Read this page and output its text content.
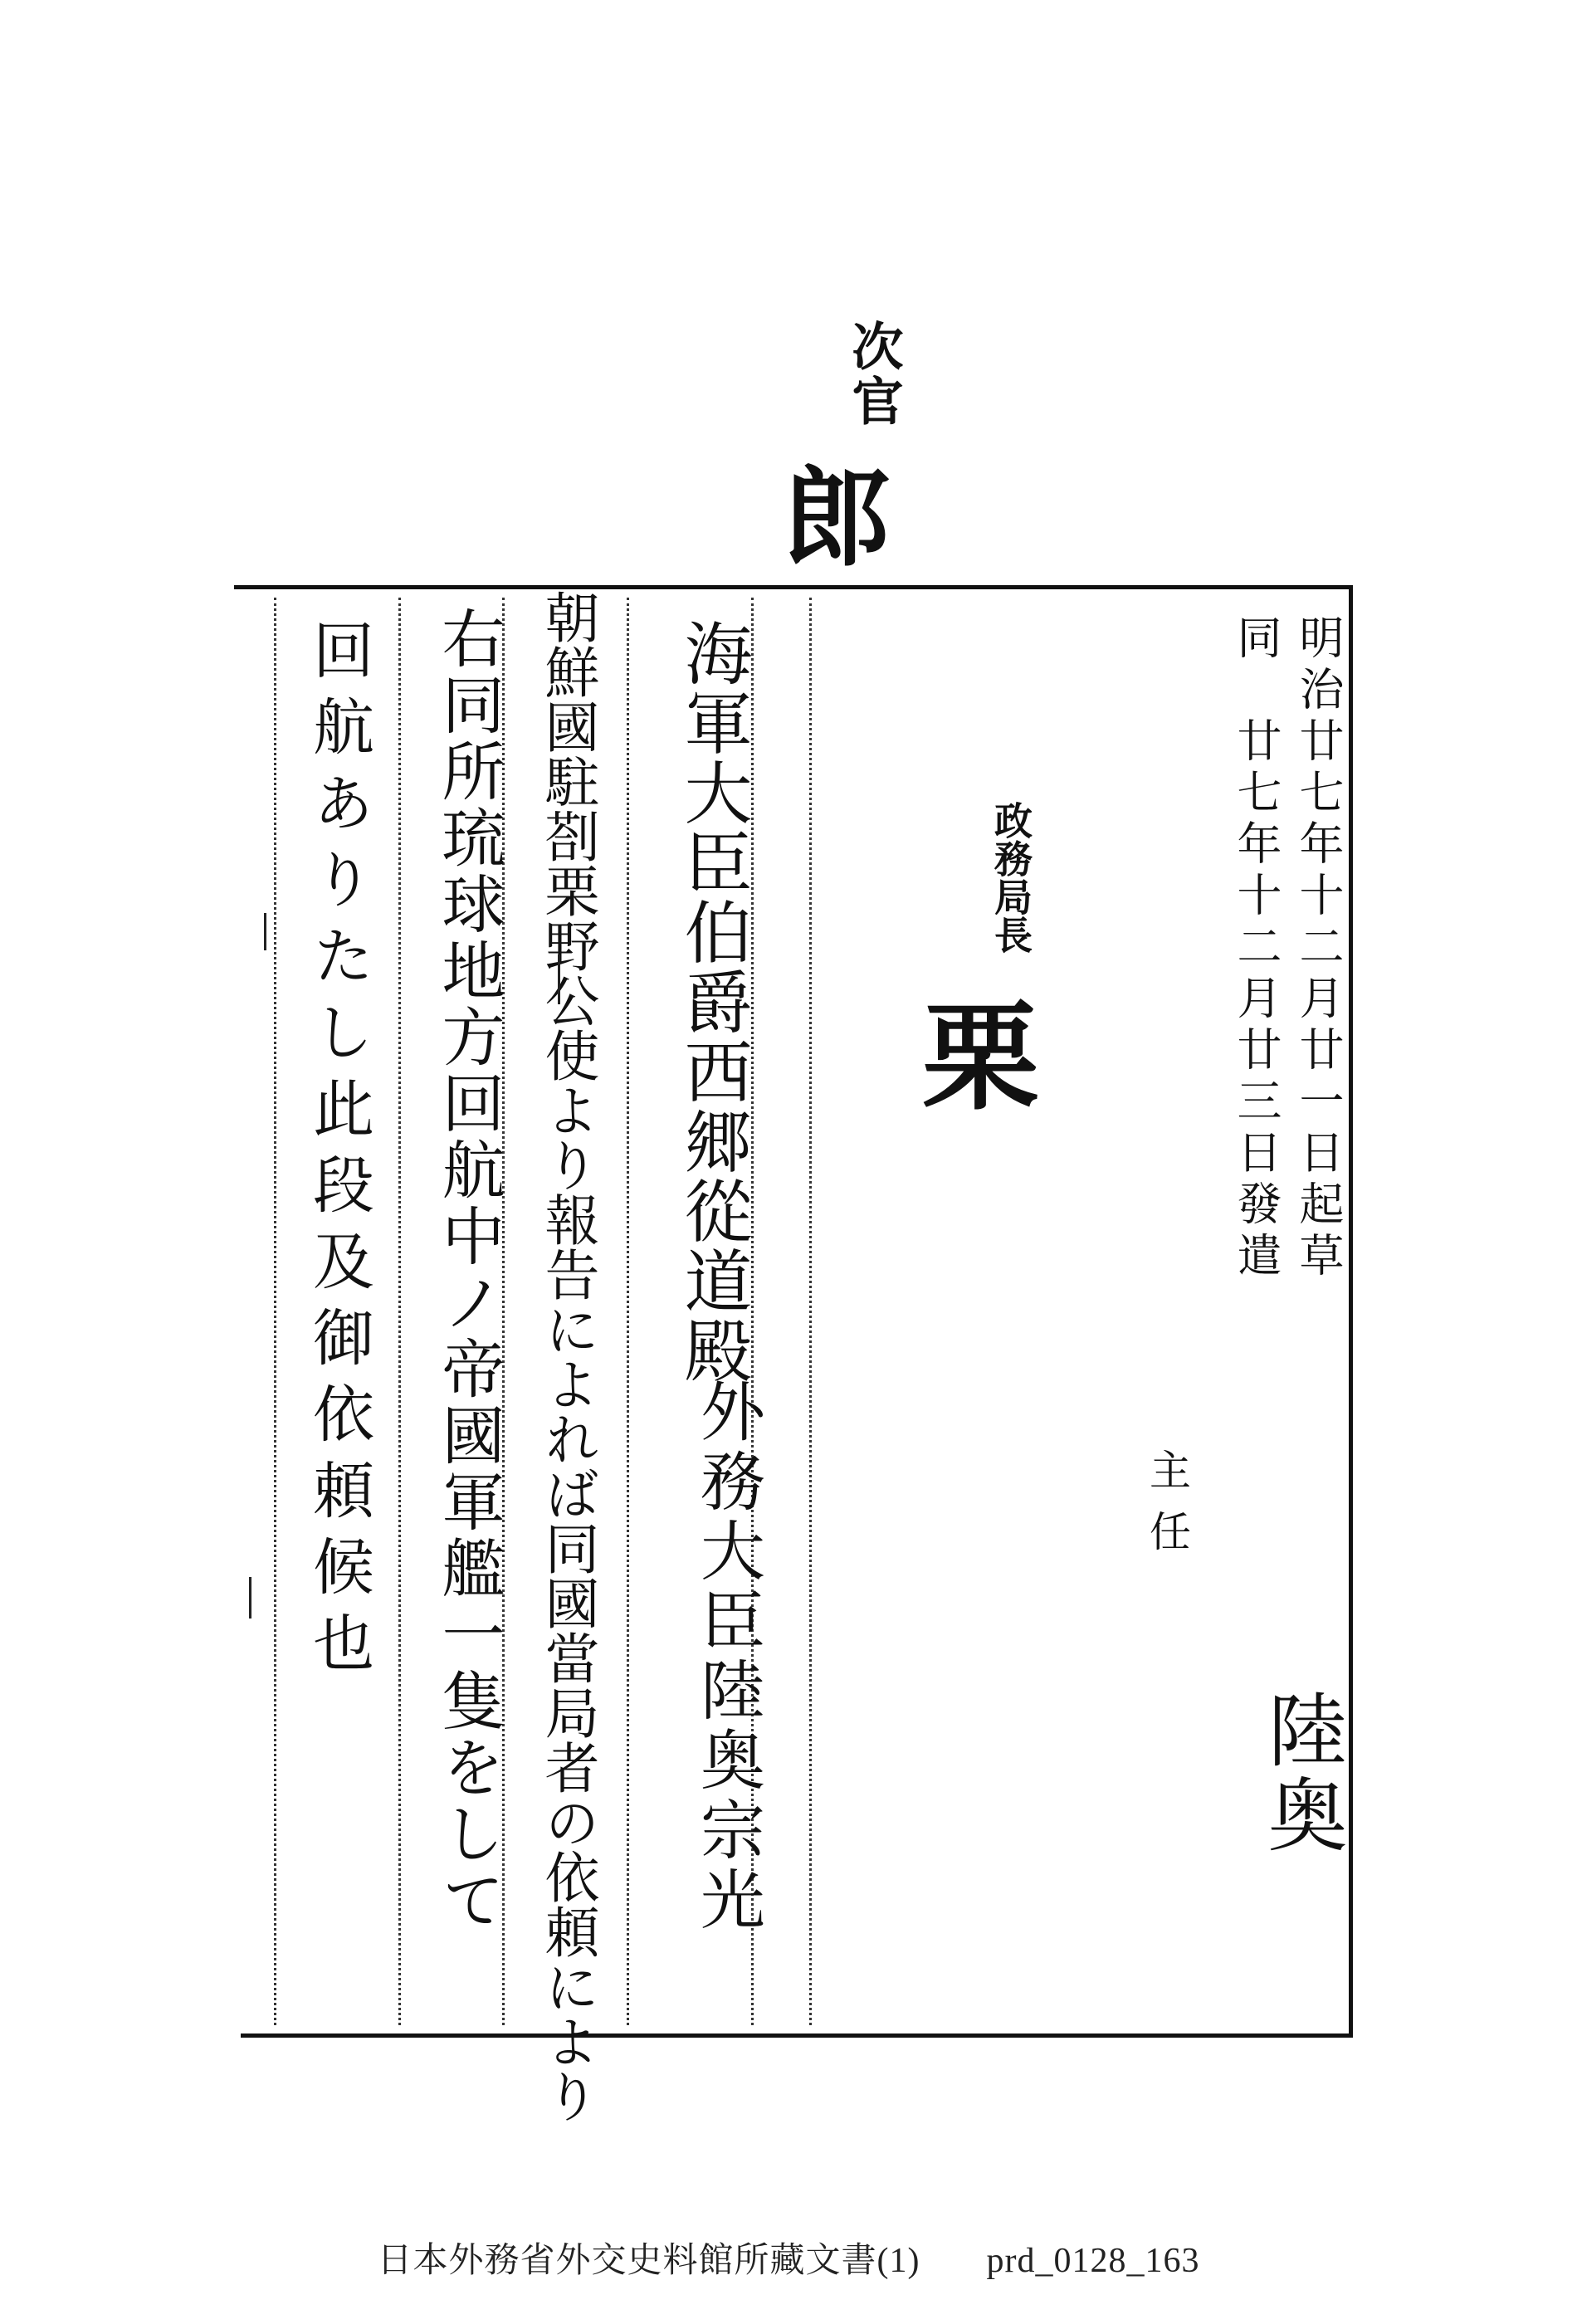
次官
郎
明治廿七年十二月廿一日起草
同　廿七年十二月廿三日發遣
政務局長
栗
主任
陸奥
海軍大臣伯爵西郷從道殿
外務大臣陸奥宗光
朝鮮國駐剳栗野公使より報告によれば同國當局者の依頼により
右同所琉球地方回航中ノ帝國軍艦一隻をして
回航ありたし此段及御依頼候也
日本外務省外交史料館所藏文書(1) prd_0128_163
